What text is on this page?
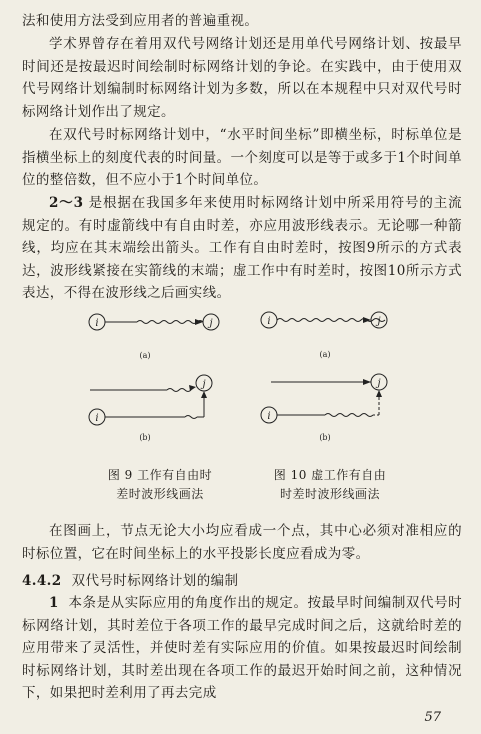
法和使用方法受到应用者的普遍重视。

学术界曾存在着用双代号网络计划还是用单代号网络计划、按最早时间还是按最迟时间绘制时标网络计划的争论。在实践中，由于使用双代号网络计划编制时标网络计划为多数，所以在本规程中只对双代号时标网络计划作出了规定。

在双代号时标网络计划中，“水平时间坐标”即横坐标，时标单位是指横坐标上的刻度代表的时间量。一个刻度可以是等于或多于1个时间单位的整倍数，但不应小于1个时间单位。

2～3 是根据在我国多年来使用时标网络计划中所采用符号的主流规定的。有时虚箭线中有自由时差，亦应用波形线表示。无论哪一种箭线，均应在其末端绘出箭头。工作有自由时差时，按图9所示的方式表达，波形线紧接在实箭线的末端；虚工作中有时差时，按图10所示方式表达，不得在波形线之后画实线。

i	j
(a)
j
i
(b)
i	j
(a)
j
i
(b)
图 9 工作有自由时
差时波形线画法
图 10 虚工作有自由
时差时波形线画法

在图画上，节点无论大小均应看成一个点，其中心必须对准相应的时标位置，它在时间坐标上的水平投影长度应看成为零。

4.4.2 双代号时标网络计划的编制

1 本条是从实际应用的角度作出的规定。按最早时间编制双代号时标网络计划，其时差位于各项工作的最早完成时间之后，这就给时差的应用带来了灵活性，并使时差有实际应用的价值。如果按最迟时间绘制时标网络计划，其时差出现在各项工作的最迟开始时间之前，这种情况下，如果把时差利用了再去完成

57
